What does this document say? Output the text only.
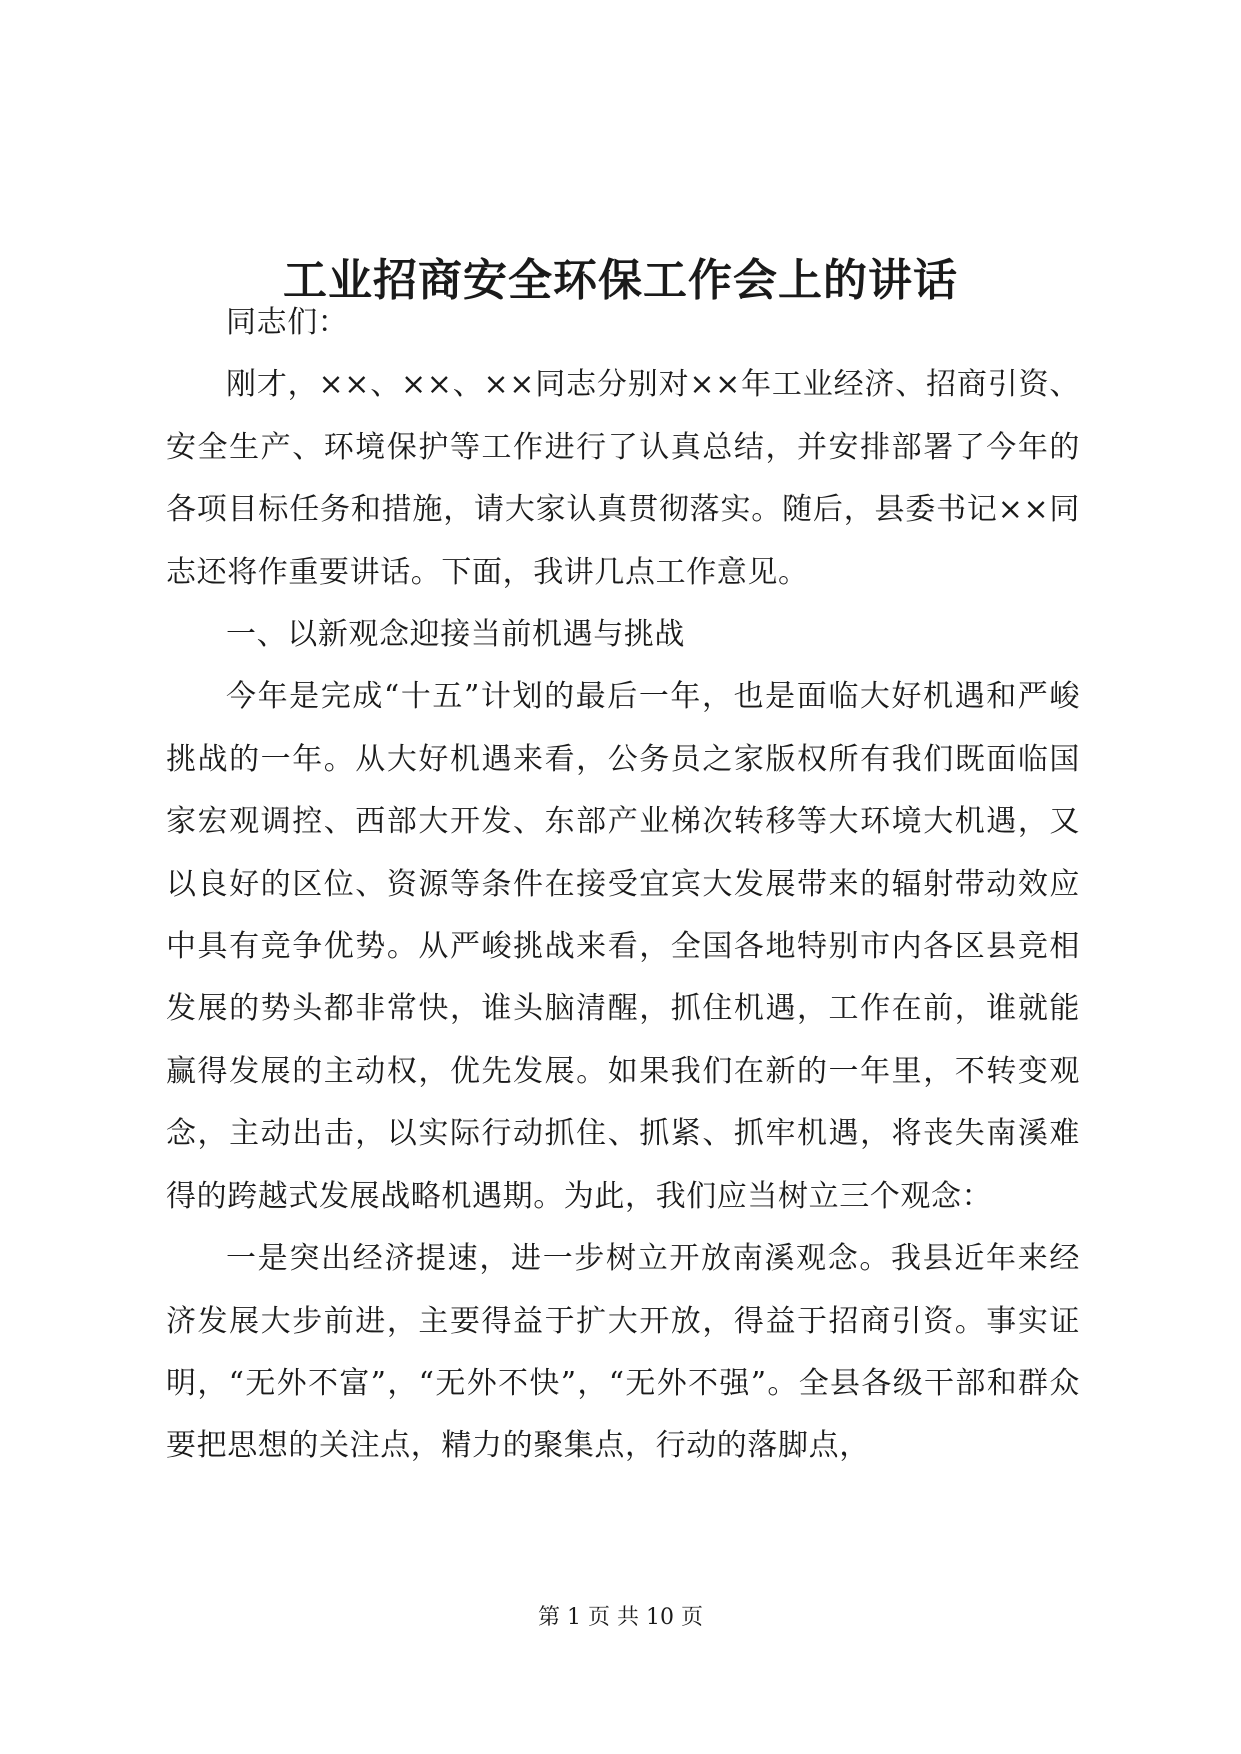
工业招商安全环保工作会上的讲话

同志们：

刚才，××、××、××同志分别对××年工业经济、招商引资、安全生产、环境保护等工作进行了认真总结，并安排部署了今年的各项目标任务和措施，请大家认真贯彻落实。随后，县委书记××同志还将作重要讲话。下面，我讲几点工作意见。

一、以新观念迎接当前机遇与挑战

今年是完成“十五”计划的最后一年，也是面临大好机遇和严峻挑战的一年。从大好机遇来看，公务员之家版权所有我们既面临国家宏观调控、西部大开发、东部产业梯次转移等大环境大机遇，又以良好的区位、资源等条件在接受宜宾大发展带来的辐射带动效应中具有竞争优势。从严峻挑战来看，全国各地特别市内各区县竞相发展的势头都非常快，谁头脑清醒，抓住机遇，工作在前，谁就能赢得发展的主动权，优先发展。如果我们在新的一年里，不转变观念，主动出击，以实际行动抓住、抓紧、抓牢机遇，将丧失南溪难得的跨越式发展战略机遇期。为此，我们应当树立三个观念：

一是突出经济提速，进一步树立开放南溪观念。我县近年来经济发展大步前进，主要得益于扩大开放，得益于招商引资。事实证明，“无外不富”，“无外不快”，“无外不强”。全县各级干部和群众要把思想的关注点，精力的聚集点，行动的落脚点，

第 1 页 共 10 页
